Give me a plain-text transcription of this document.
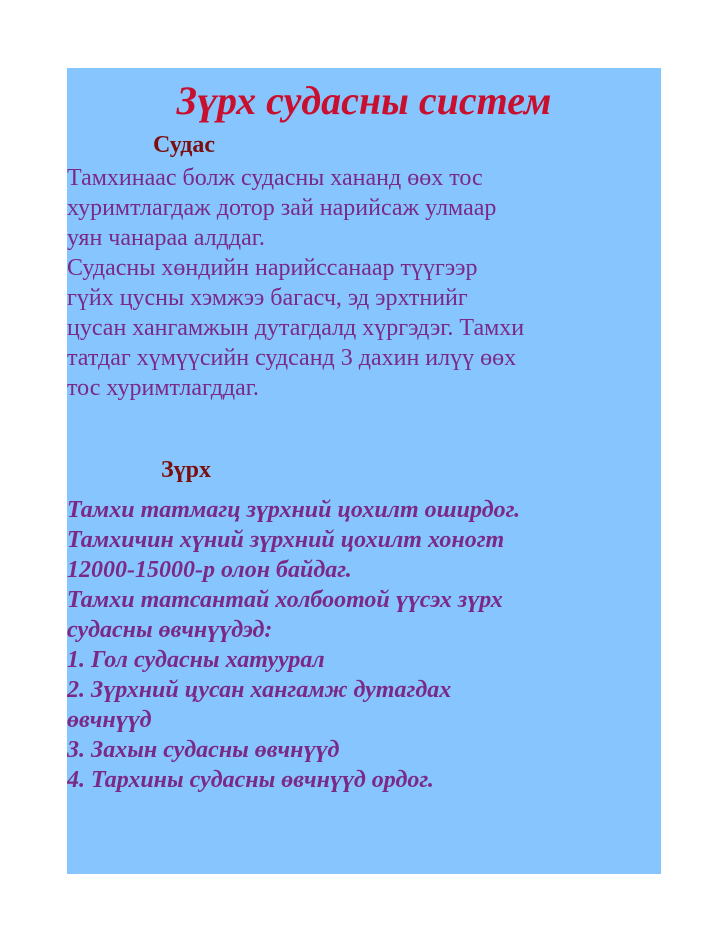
Зүрх судасны систем
Судас
Тамхинаас болж судасны хананд өөх тос
хуримтлагдаж дотор зай нарийсаж улмаар
уян чанараа алддаг.
Судасны хөндийн нарийссанаар түүгээр
гүйх цусны хэмжээ багасч, эд эрхтнийг
цусан хангамжын дутагдалд хүргэдэг. Тамхи
татдаг хүмүүсийн судсанд 3 дахин илүү өөх
тос хуримтлагддаг.
Зүрх
Тамхи татмагц зүрхний цохилт оширдог.
Тамхичин хүний зүрхний цохилт хоногт
12000-15000-р олон байдаг.
Тамхи татсантай холбоотой үүсэх зүрх
судасны өвчнүүдэд:
1. Гол судасны хатуурал
2. Зүрхний цусан хангамж дутагдах
өвчнүүд
3. Захын судасны өвчнүүд
4. Тархины судасны өвчнүүд ордог.
